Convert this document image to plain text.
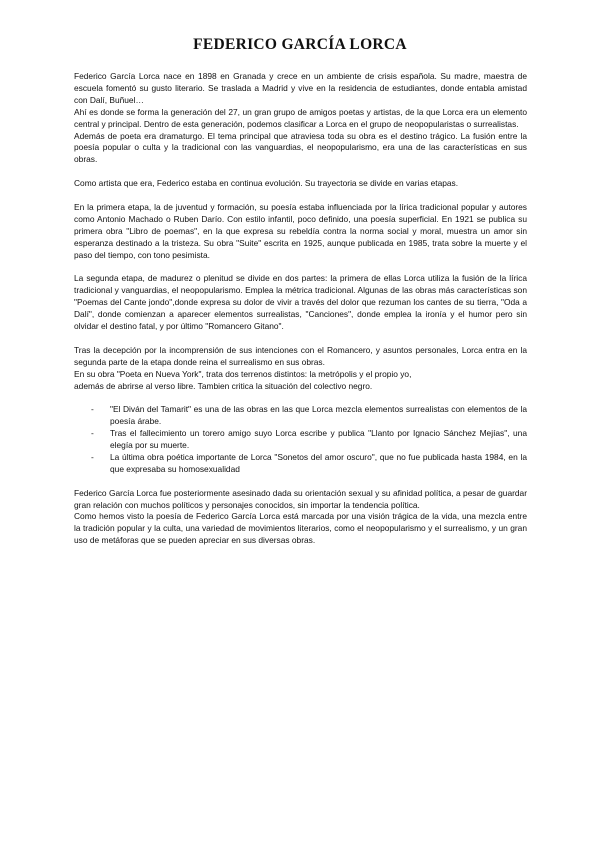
FEDERICO GARCÍA LORCA

Federico García Lorca nace en 1898 en Granada y crece en un ambiente de crisis española. Su madre, maestra de escuela fomentó su gusto literario. Se traslada a Madrid y vive en la residencia de estudiantes, donde entabla amistad con Dalí, Buñuel…

Ahí es donde se forma la generación del 27, un gran grupo de amigos poetas y artistas, de la que Lorca era un elemento central y principal. Dentro de esta generación, podemos clasificar a Lorca en el grupo de neopopularistas o surrealistas.

Además de poeta era dramaturgo. El tema principal que atraviesa toda su obra es el destino trágico. La fusión entre la poesía popular o culta y la tradicional con las vanguardias, el neopopularismo, era una de las características en sus obras.

Como artista que era, Federico estaba en continua evolución. Su trayectoria se divide en varias etapas.

En la primera etapa, la de juventud y formación, su poesía estaba influenciada por la lírica tradicional popular y autores como Antonio Machado o Ruben Darío. Con estilo infantil, poco definido, una poesía superficial. En 1921 se publica su primera obra "Libro de poemas", en la que expresa su rebeldía contra la norma social y moral, muestra un amor sin esperanza destinado a la tristeza. Su obra "Suite" escrita en 1925, aunque publicada en 1985, trata sobre la muerte y el paso del tiempo, con tono pesimista.

La segunda etapa, de madurez o plenitud se divide en dos partes: la primera de ellas Lorca utiliza la fusión de la lírica tradicional y vanguardias, el neopopularismo. Emplea la métrica tradicional. Algunas de las obras más características son "Poemas del Cante jondo",donde expresa su dolor de vivir a través del dolor que rezuman los cantes de su tierra, "Oda a Dalí", donde comienzan a aparecer elementos surrealistas, "Canciones", donde emplea la ironía y el humor pero sin olvidar el destino fatal, y por último "Romancero Gitano".

Tras la decepción por la incomprensión de sus intenciones con el Romancero, y asuntos personales, Lorca entra en la segunda parte de la etapa donde reina el surrealismo en sus obras.

En su obra "Poeta en Nueva York", trata dos terrenos distintos: la metrópolis y el propio yo,

además de abrirse al verso libre. Tambien critica la situación del colectivo negro.

- "El Diván del Tamarit" es una de las obras en las que Lorca mezcla elementos surrealistas con elementos de la poesía árabe.
- Tras el fallecimiento un torero amigo suyo Lorca escribe y publica "Llanto por Ignacio Sánchez Mejías", una elegía por su muerte.
- La última obra poética importante de Lorca "Sonetos del amor oscuro", que no fue publicada hasta 1984, en la que expresaba su homosexualidad

Federico García Lorca fue posteriormente asesinado dada su orientación sexual y su afinidad política, a pesar de guardar gran relación con muchos políticos y personajes conocidos, sin importar la tendencia política.

Como hemos visto la poesía de Federico García Lorca está marcada por una visión trágica de la vida, una mezcla entre la tradición popular y la culta, una variedad de movimientos literarios, como el neopopularismo y el surrealismo, y un gran uso de metáforas que se pueden apreciar en sus diversas obras.
